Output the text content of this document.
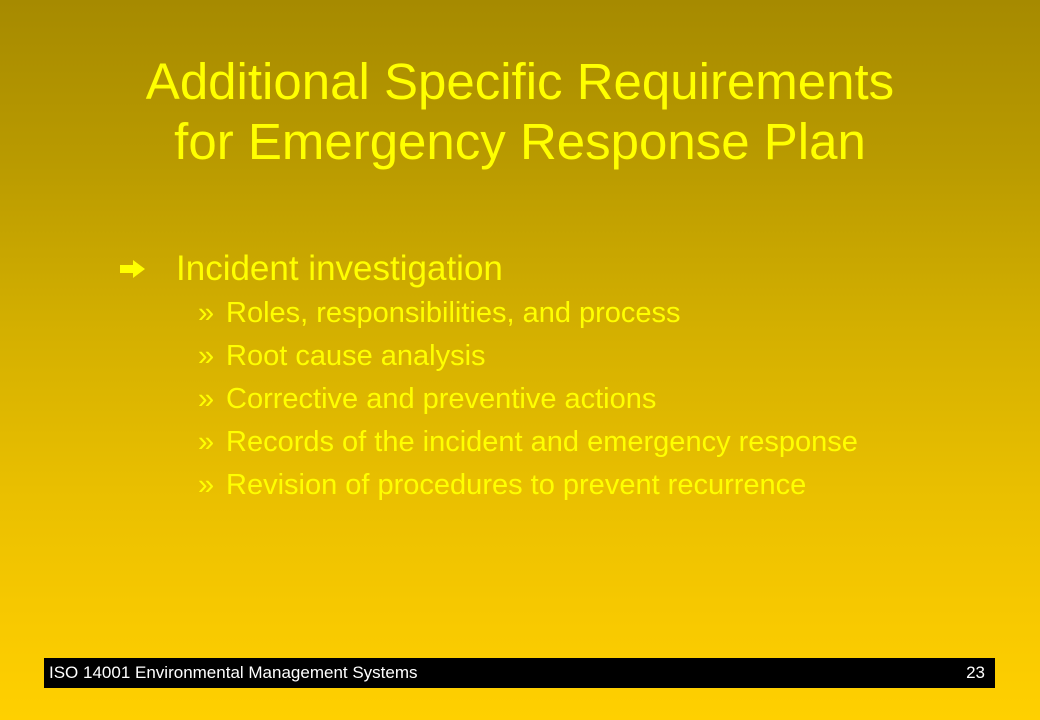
Additional Specific Requirements
for Emergency Response Plan
Incident investigation
» Roles, responsibilities, and process
» Root cause analysis
» Corrective and preventive actions
» Records of the incident and emergency response
» Revision of procedures to prevent recurrence
ISO 14001 Environmental Management Systems	23
